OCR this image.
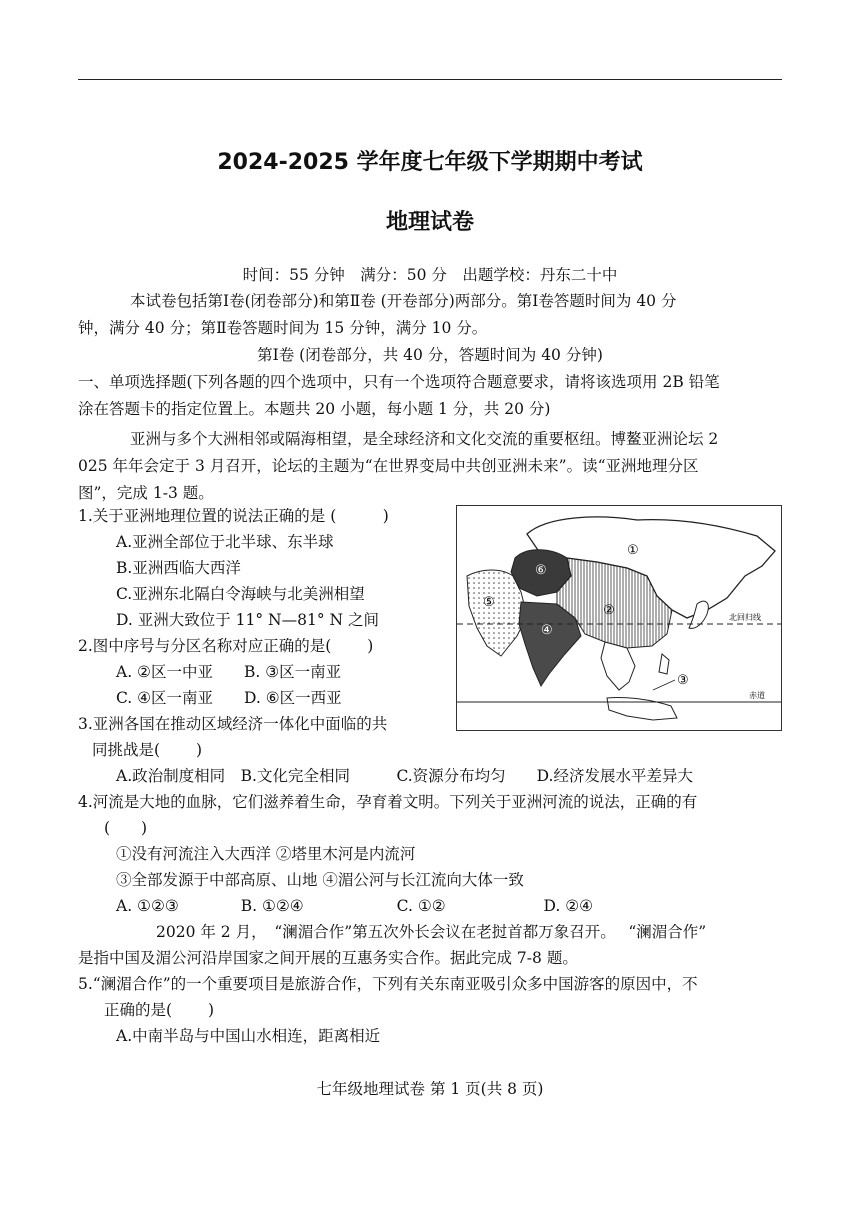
2024-2025 学年度七年级下学期期中考试
地理试卷
时间：55 分钟　满分：50 分　出题学校：丹东二十中
本试卷包括第Ⅰ卷(闭卷部分)和第Ⅱ卷 (开卷部分)两部分。第Ⅰ卷答题时间为 40 分
钟，满分 40 分；第Ⅱ卷答题时间为 15 分钟，满分 10 分。
第Ⅰ卷 (闭卷部分，共 40 分，答题时间为 40 分钟)
一、单项选择题(下列各题的四个选项中，只有一个选项符合题意要求，请将该选项用 2B 铅笔
涂在答题卡的指定位置上。本题共 20 小题，每小题 1 分，共 20 分)
亚洲与多个大洲相邻或隔海相望，是全球经济和文化交流的重要枢纽。博鳌亚洲论坛 2
025 年年会定于 3 月召开，论坛的主题为“在世界变局中共创亚洲未来”。读“亚洲地理分区
图”，完成 1-3 题。
1.关于亚洲地理位置的说法正确的是 (　　　)
A.亚洲全部位于北半球、东半球
B.亚洲西临大西洋
C.亚洲东北隔白令海峡与北美洲相望
D. 亚洲大致位于 11° N—81° N 之间
2.图中序号与分区名称对应正确的是(　　 )
A. ②区一中亚　　B. ③区一南亚
C. ④区一南亚　　D. ⑥区一西亚
3.亚洲各国在推动区域经济一体化中面临的共
同挑战是(　　 )
A.政治制度相同　B.文化完全相同　　　C.资源分布均匀　　D.经济发展水平差异大
4.河流是大地的血脉，它们滋养着生命，孕育着文明。下列关于亚洲河流的说法，正确的有
(　　)
①没有河流注入大西洋 ②塔里木河是内流河
③全部发源于中部高原、山地 ④湄公河与长江流向大体一致
A. ①②③　　　　B. ①②④　　　　　　C. ①②　　　　　　 D. ②④
2020 年 2 月，　“澜湄合作”第五次外长会议在老挝首都万象召开。　 “澜湄合作”
是指中国及湄公河沿岸国家之间开展的互惠务实合作。据此完成 7-8 题。
5.“澜湄合作”的一个重要项目是旅游合作，下列有关东南亚吸引众多中国游客的原因中，不
正确的是(　　 )
A.中南半岛与中国山水相连，距离相近
①
②
③
④
⑤
⑥
北回归线
赤道
七年级地理试卷 第 1 页(共 8 页)
